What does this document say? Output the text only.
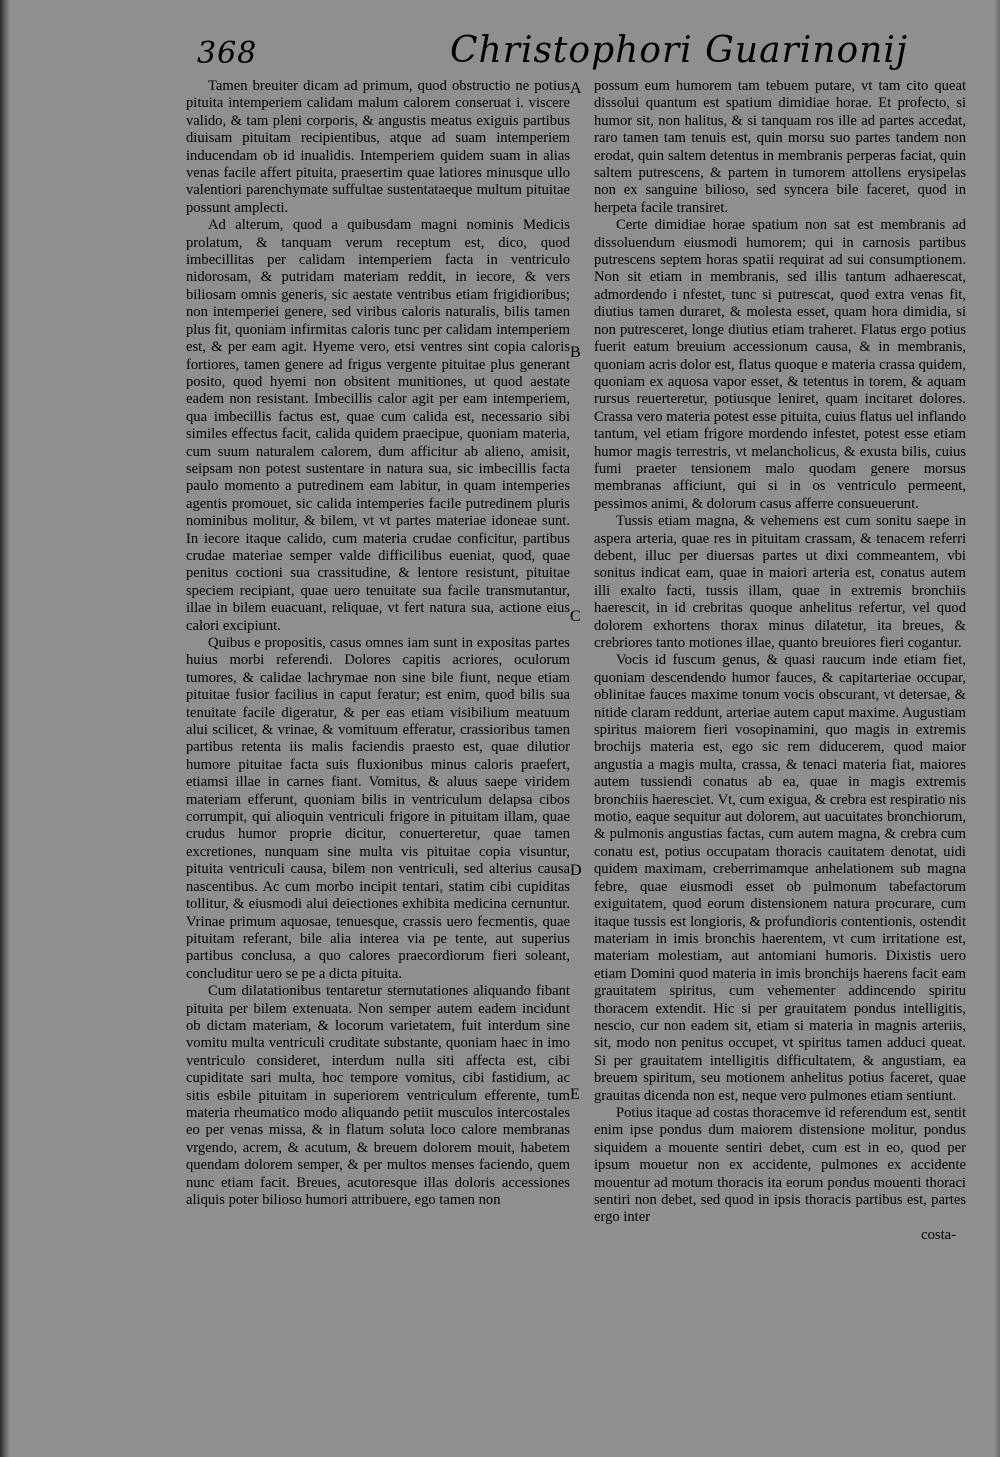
368	Christophori Guarinonij

Tamen breuiter dicam ad primum, quod obstructio ne potius pituita intemperiem calidam malum calorem conseruat i. viscere valido, & tam pleni corporis, & angustis meatus exiguis partibus diuisam pituitam recipientibus, atque ad suam intemperiem inducendam ob id inualidis. Intemperiem quidem suam in alias venas facile affert pituita, praesertim quae latiores minusque ullo valentiori parenchymate suffultae sustentataeque multum pituitae possunt amplecti.

Ad alterum, quod a quibusdam magni nominis Medicis prolatum, & tanquam verum receptum est, dico, quod imbecillitas per calidam intemperiem facta in ventriculo nidorosam, & putridam materiam reddit, in iecore, & vers biliosam omnis generis, sic aestate ventribus etiam frigidioribus; non intemperiei genere, sed viribus caloris naturalis, bilis tamen plus fit, quoniam infirmitas caloris tunc per calidam intemperiem est, & per eam agit. Hyeme vero, etsi ventres sint copia caloris fortiores, tamen genere ad frigus vergente pituitae plus generant posito, quod hyemi non obsitent munitiones, ut quod aestate eadem non resistant. Imbecillis calor agit per eam intemperiem, qua imbecillis factus est, quae cum calida est, necessario sibi similes effectus facit, calida quidem praecipue, quoniam materia, cum suum naturalem calorem, dum afficitur ab alieno, amisit, seipsam non potest sustentare in natura sua, sic imbecillis facta paulo momento a putredinem eam labitur, in quam intemperies agentis promouet, sic calida intemperies facile putredinem pluris nominibus molitur, & bilem, vt vt partes materiae idoneae sunt. In iecore itaque calido, cum materia crudae conficitur, partibus crudae materiae semper valde difficilibus eueniat, quod, quae penitus coctioni sua crassitudine, & lentore resistunt, pituitae speciem recipiant, quae uero tenuitate sua facile transmutantur, illae in bilem euacuant, reliquae, vt fert natura sua, actione eius calori excipiunt.

Quibus e propositis, casus omnes iam sunt in expositas partes huius morbi referendi. Dolores capitis acriores, oculorum tumores, & calidae lachrymae non sine bile fiunt, neque etiam pituitae fusior facilius in caput feratur; est enim, quod bilis sua tenuitate facile digeratur, & per eas etiam visibilium meatuum alui scilicet, & vrinae, & vomituum efferatur, crassioribus tamen partibus retenta iis malis faciendis praesto est, quae dilutior humore pituitae facta suis fluxionibus minus caloris praefert, etiamsi illae in carnes fiant. Vomitus, & aluus saepe viridem materiam efferunt, quoniam bilis in ventriculum delapsa cibos corrumpit, qui alioquin ventriculi frigore in pituitam illam, quae crudus humor proprie dicitur, conuerteretur, quae tamen excretiones, nunquam sine multa vis pituitae copia visuntur, pituita ventriculi causa, bilem non ventriculi, sed alterius causa nascentibus. Ac cum morbo incipit tentari, statim cibi cupiditas tollitur, & eiusmodi alui deiectiones exhibita medicina cernuntur. Vrinae primum aquosae, tenuesque, crassis uero fecmentis, quae pituitam referant, bile alia interea via pe tente, aut superius partibus conclusa, a quo calores praecordiorum fieri soleant, concluditur uero se pe a dicta pituita.

Cum dilatationibus tentaretur sternutationes aliquando fibant pituita per bilem extenuata. Non semper autem eadem incidunt ob dictam materiam, & locorum varietatem, fuit interdum sine vomitu multa ventriculi cruditate substante, quoniam haec in imo ventriculo consideret, interdum nulla siti affecta est, cibi cupiditate sari multa, hoc tempore vomitus, cibi fastidium, ac sitis esbile pituitam in superiorem ventriculum efferente, tum materia rheumatico modo aliquando petiit musculos intercostales eo per venas missa, & in flatum soluta loco calore membranas vrgendo, acrem, & acutum, & breuem dolorem mouit, habetem quendam dolorem semper, & per multos menses faciendo, quem nunc etiam facit. Breues, acutoresque illas doloris accessiones aliquis poter bilioso humori attribuere, ego tamen non

A
B
C
D
E

possum eum humorem tam tebuem putare, vt tam cito queat dissolui quantum est spatium dimidiae horae. Et profecto, si humor sit, non halitus, & si tanquam ros ille ad partes accedat, raro tamen tam tenuis est, quin morsu suo partes tandem non erodat, quin saltem detentus in membranis perperas faciat, quin saltem putrescens, & partem in tumorem attollens erysipelas non ex sanguine bilioso, sed syncera bile faceret, quod in herpeta facile transiret.

Certe dimidiae horae spatium non sat est membranis ad dissoluendum eiusmodi humorem; qui in carnosis partibus putrescens septem horas spatii requirat ad sui consumptionem. Non sit etiam in membranis, sed illis tantum adhaerescat, admordendo i nfestet, tunc si putrescat, quod extra venas fit, diutius tamen duraret, & molesta esset, quam hora dimidia, si non putresceret, longe diutius etiam traheret. Flatus ergo potius fuerit eatum breuium accessionum causa, & in membranis, quoniam acris dolor est, flatus quoque e materia crassa quidem, quoniam ex aquosa vapor esset, & tetentus in torem, & aquam rursus reuerteretur, potiusque leniret, quam incitaret dolores. Crassa vero materia potest esse pituita, cuius flatus uel inflando tantum, vel etiam frigore mordendo infestet, potest esse etiam humor magis terrestris, vt melancholicus, & exusta bilis, cuius fumi praeter tensionem malo quodam genere morsus membranas afficiunt, qui si in os ventriculo permeent, pessimos animi, & dolorum casus afferre consueuerunt.

Tussis etiam magna, & vehemens est cum sonitu saepe in aspera arteria, quae res in pituitam crassam, & tenacem referri debent, illuc per diuersas partes ut dixi commeantem, vbi sonitus indicat eam, quae in maiori arteria est, conatus autem illi exalto facti, tussis illam, quae in extremis bronchiis haerescit, in id crebritas quoque anhelitus refertur, vel quod dolorem exhortens thorax minus dilatetur, ita breues, & crebriores tanto motiones illae, quanto breuiores fieri cogantur.

Vocis id fuscum genus, & quasi raucum inde etiam fiet, quoniam descendendo humor fauces, & capitarteriae occupar, oblinitae fauces maxime tonum vocis obscurant, vt detersae, & nitide claram reddunt, arteriae autem caput maxime. Augustiam spiritus maiorem fieri vosopinamini, quo magis in extremis brochijs materia est, ego sic rem diducerem, quod maior angustia a magis multa, crassa, & tenaci materia fiat, maiores autem tussiendi conatus ab ea, quae in magis extremis bronchiis haeresciet. Vt, cum exigua, & crebra est respiratio nis motio, eaque sequitur aut dolorem, aut uacuitates bronchiorum, & pulmonis angustias factas, cum autem magna, & crebra cum conatu est, potius occupatam thoracis cauitatem denotat, uidi quidem maximam, creberrimamque anhelationem sub magna febre, quae eiusmodi esset ob pulmonum tabefactorum exiguitatem, quod eorum distensionem natura procurare, cum itaque tussis est longioris, & profundioris contentionis, ostendit materiam in imis bronchis haerentem, vt cum irritatione est, materiam molestiam, aut antomiani humoris. Dixistis uero etiam Domini quod materia in imis bronchijs haerens facit eam grauitatem spiritus, cum vehementer addincendo spiritu thoracem extendit. Hic si per grauitatem pondus intelligitis, nescio, cur non eadem sit, etiam si materia in magnis arteriis, sit, modo non penitus occupet, vt spiritus tamen adduci queat. Si per grauitatem intelligitis difficultatem, & angustiam, ea breuem spiritum, seu motionem anhelitus potius faceret, quae grauitas dicenda non est, neque vero pulmones etiam sentiunt.

Potius itaque ad costas thoracemve id referendum est, sentit enim ipse pondus dum maiorem distensione molitur, pondus siquidem a mouente sentiri debet, cum est in eo, quod per ipsum mouetur non ex accidente, pulmones ex accidente mouentur ad motum thoracis ita eorum pondus mouenti thoraci sentiri non debet, sed quod in ipsis thoracis partibus est, partes ergo inter

costa-
